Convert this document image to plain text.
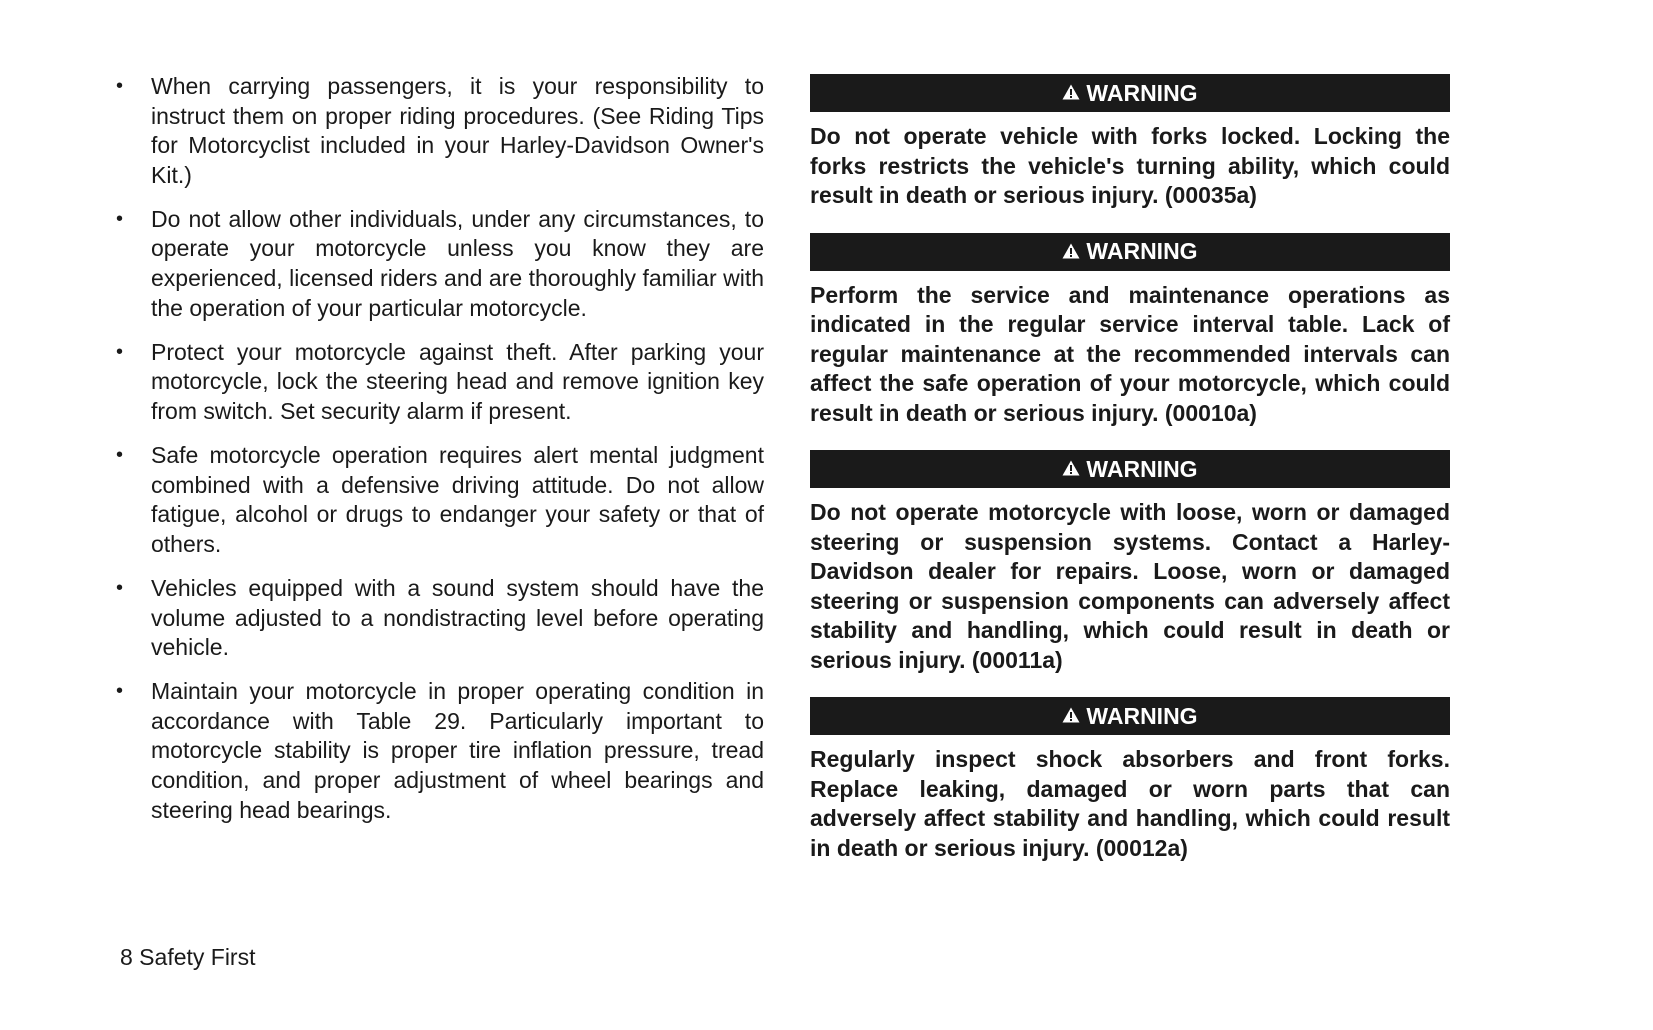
• When carrying passengers, it is your responsibility to instruct them on proper riding procedures. (See Riding Tips for Motorcyclist included in your Harley-Davidson Owner's Kit.)
• Do not allow other individuals, under any circumstances, to operate your motorcycle unless you know they are experienced, licensed riders and are thoroughly familiar with the operation of your particular motorcycle.
• Protect your motorcycle against theft. After parking your motorcycle, lock the steering head and remove ignition key from switch. Set security alarm if present.
• Safe motorcycle operation requires alert mental judgment combined with a defensive driving attitude. Do not allow fatigue, alcohol or drugs to endanger your safety or that of others.
• Vehicles equipped with a sound system should have the volume adjusted to a nondistracting level before operating vehicle.
• Maintain your motorcycle in proper operating condition in accordance with Table 29. Particularly important to motorcycle stability is proper tire inflation pressure, tread condition, and proper adjustment of wheel bearings and steering head bearings.
WARNING

Do not operate vehicle with forks locked. Locking the forks restricts the vehicle's turning ability, which could result in death or serious injury. (00035a)

WARNING

Perform the service and maintenance operations as indicated in the regular service interval table. Lack of regular maintenance at the recommended intervals can affect the safe operation of your motorcycle, which could result in death or serious injury. (00010a)

WARNING

Do not operate motorcycle with loose, worn or damaged steering or suspension systems. Contact a Harley-Davidson dealer for repairs. Loose, worn or damaged steering or suspension components can adversely affect stability and handling, which could result in death or serious injury. (00011a)

WARNING

Regularly inspect shock absorbers and front forks. Replace leaking, damaged or worn parts that can adversely affect stability and handling, which could result in death or serious injury. (00012a)

8 Safety First
